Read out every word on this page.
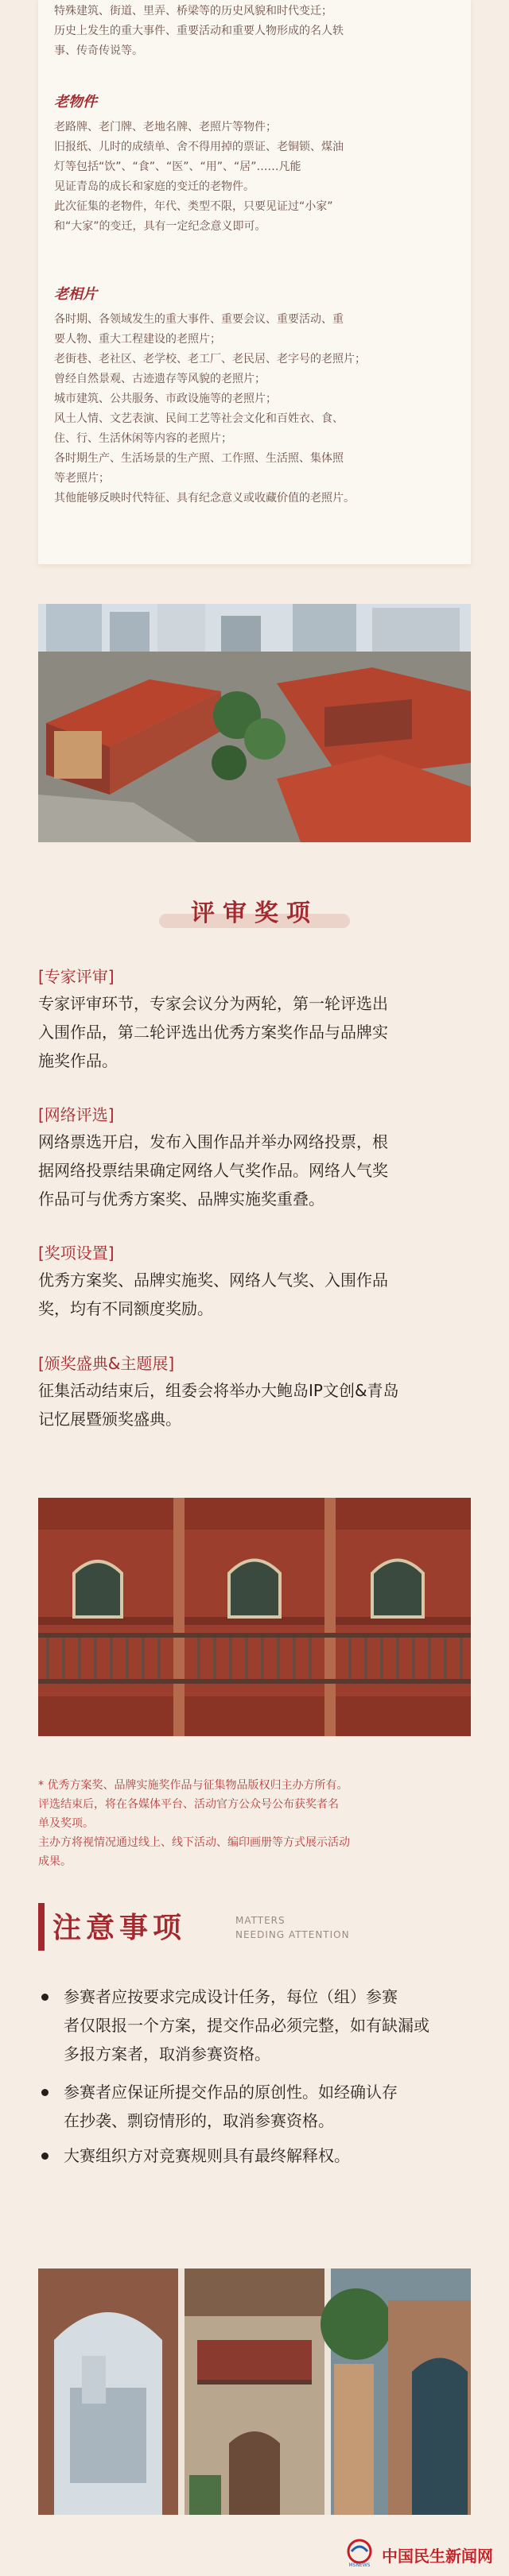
特殊建筑、街道、里弄、桥梁等的历史风貌和时代变迁；
历史上发生的重大事件、重要活动和重要人物形成的名人轶
事、传奇传说等。
老物件
老路牌、老门牌、老地名牌、老照片等物件；
旧报纸、儿时的成绩单、舍不得用掉的票证、老铜锁、煤油
灯等包括“饮”、“食”、“医”、“用”、“居”……凡能
见证青岛的成长和家庭的变迁的老物件。
此次征集的老物件，年代、类型不限，只要见证过“小家”
和“大家”的变迁，具有一定纪念意义即可。
老相片
各时期、各领域发生的重大事件、重要会议、重要活动、重
要人物、重大工程建设的老照片；
老街巷、老社区、老学校、老工厂、老民居、老字号的老照片；
曾经自然景观、古迹遗存等风貌的老照片；
城市建筑、公共服务、市政设施等的老照片；
风土人情、文艺表演、民间工艺等社会文化和百姓衣、食、
住、行、生活休闲等内容的老照片；
各时期生产、生活场景的生产照、工作照、生活照、集体照
等老照片；
其他能够反映时代特征、具有纪念意义或收藏价值的老照片。
评审奖项
[专家评审]
专家评审环节，专家会议分为两轮，第一轮评选出
入围作品，第二轮评选出优秀方案奖作品与品牌实
施奖作品。
[网络评选]
网络票选开启，发布入围作品并举办网络投票，根
据网络投票结果确定网络人气奖作品。网络人气奖
作品可与优秀方案奖、品牌实施奖重叠。
[奖项设置]
优秀方案奖、品牌实施奖、网络人气奖、入围作品
奖，均有不同额度奖励。
[颁奖盛典&主题展]
征集活动结束后，组委会将举办大鲍岛IP文创&青岛
记忆展暨颁奖盛典。
* 优秀方案奖、品牌实施奖作品与征集物品版权归主办方所有。
评选结束后，将在各媒体平台、活动官方公众号公布获奖者名
单及奖项。
主办方将视情况通过线上、线下活动、编印画册等方式展示活动
成果。
注意事项	MATTERS
NEEDING ATTENTION
参赛者应按要求完成设计任务，每位（组）参赛
者仅限报一个方案，提交作品必须完整，如有缺漏或
多报方案者，取消参赛资格。
参赛者应保证所提交作品的原创性。如经确认存
在抄袭、剽窃情形的，取消参赛资格。
大赛组织方对竞赛规则具有最终解释权。
MSNEWS 中国民生新闻网
